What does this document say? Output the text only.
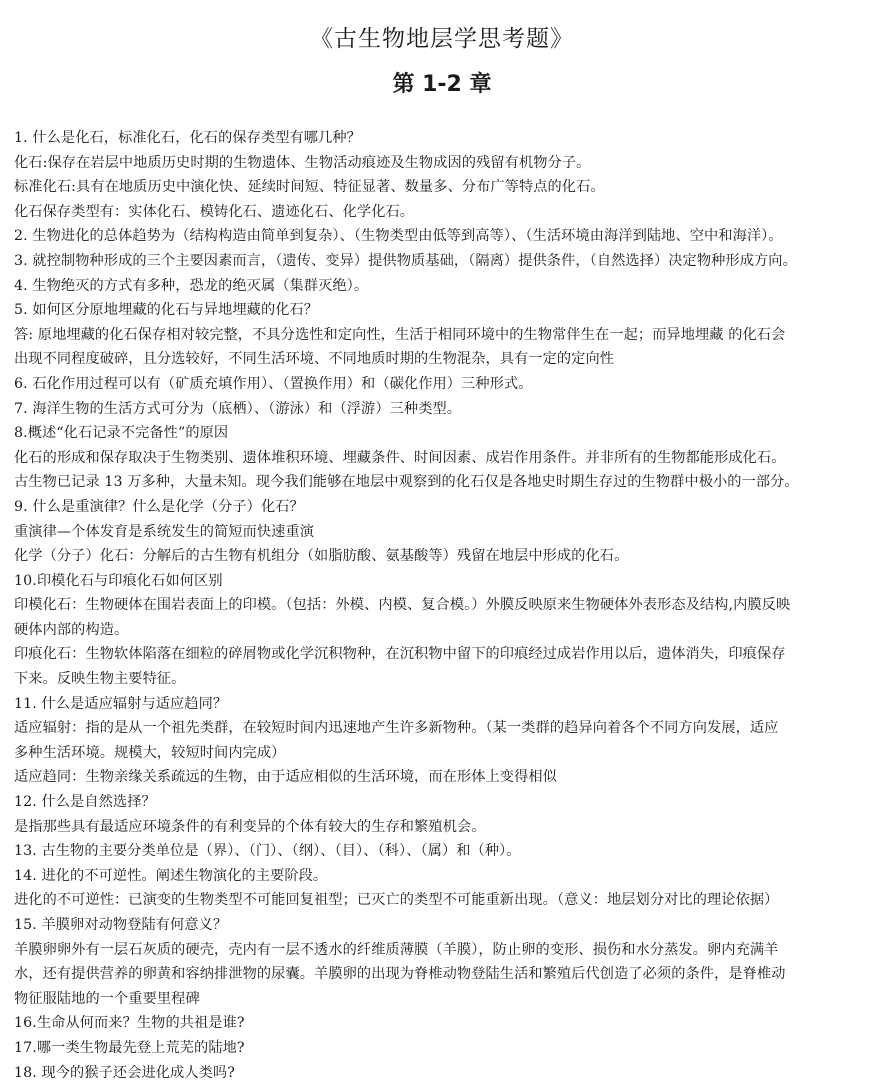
《古生物地层学思考题》
第 1-2 章
1. 什么是化石，标准化石，化石的保存类型有哪几种？
化石:保存在岩层中地质历史时期的生物遗体、生物活动痕迹及生物成因的残留有机物分子。
标准化石:具有在地质历史中演化快、延续时间短、特征显著、数量多、分布广等特点的化石。
化石保存类型有：实体化石、模铸化石、遗迹化石、化学化石。
2. 生物进化的总体趋势为（结构构造由简单到复杂）、（生物类型由低等到高等）、（生活环境由海洋到陆地、空中和海洋）。
3. 就控制物种形成的三个主要因素而言，（遗传、变异）提供物质基础，（隔离）提供条件，（自然选择）决定物种形成方向。
4. 生物绝灭的方式有多种，恐龙的绝灭属（集群灭绝）。
5. 如何区分原地埋藏的化石与异地埋藏的化石？
答: 原地埋藏的化石保存相对较完整，不具分选性和定向性，生活于相同环境中的生物常伴生在一起；而异地埋藏 的化石会
出现不同程度破碎，且分选较好，不同生活环境、不同地质时期的生物混杂，具有一定的定向性
6. 石化作用过程可以有（矿质充填作用）、（置换作用）和（碳化作用）三种形式。
7. 海洋生物的生活方式可分为（底栖）、（游泳）和（浮游）三种类型。
8.概述“化石记录不完备性”的原因
化石的形成和保存取决于生物类别、遗体堆积环境、埋藏条件、时间因素、成岩作用条件。并非所有的生物都能形成化石。
古生物已记录 13 万多种，大量未知。现今我们能够在地层中观察到的化石仅是各地史时期生存过的生物群中极小的一部分。
9. 什么是重演律？什么是化学（分子）化石？
重演律—个体发育是系统发生的简短而快速重演
化学（分子）化石：分解后的古生物有机组分（如脂肪酸、氨基酸等）残留在地层中形成的化石。
10.印模化石与印痕化石如何区别
印模化石：生物硬体在围岩表面上的印模。（包括：外模、内模、复合模。）外膜反映原来生物硬体外表形态及结构,内膜反映
硬体内部的构造。
印痕化石：生物软体陷落在细粒的碎屑物或化学沉积物种，在沉积物中留下的印痕经过成岩作用以后，遗体消失，印痕保存
下来。反映生物主要特征。
11. 什么是适应辐射与适应趋同？
适应辐射：指的是从一个祖先类群，在较短时间内迅速地产生许多新物种。（某一类群的趋异向着各个不同方向发展，适应
多种生活环境。规模大，较短时间内完成）
适应趋同：生物亲缘关系疏远的生物，由于适应相似的生活环境，而在形体上变得相似
12. 什么是自然选择？
是指那些具有最适应环境条件的有利变异的个体有较大的生存和繁殖机会。
13. 古生物的主要分类单位是（界）、（门）、（纲）、（目）、（科）、（属）和（种）。
14. 进化的不可逆性。阐述生物演化的主要阶段。
进化的不可逆性：已演变的生物类型不可能回复祖型；已灭亡的类型不可能重新出现。（意义：地层划分对比的理论依据）
15. 羊膜卵对动物登陆有何意义？
羊膜卵卵外有一层石灰质的硬壳，壳内有一层不透水的纤维质薄膜（羊膜），防止卵的变形、损伤和水分蒸发。卵内充满羊
水，还有提供营养的卵黄和容纳排泄物的尿囊。羊膜卵的出现为脊椎动物登陆生活和繁殖后代创造了必须的条件，是脊椎动
物征服陆地的一个重要里程碑
16.生命从何而来？生物的共祖是谁?
17.哪一类生物最先登上荒芜的陆地?
18. 现今的猴子还会进化成人类吗?
